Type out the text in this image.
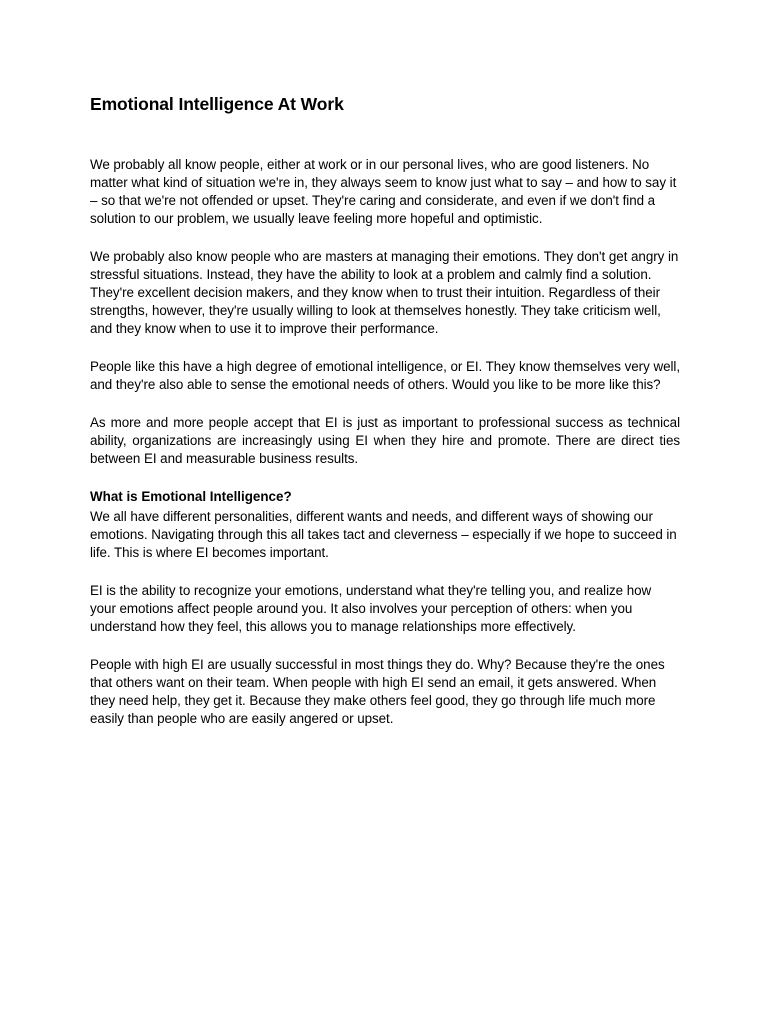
Emotional Intelligence At Work

We probably all know people, either at work or in our personal lives, who are good listeners. No matter what kind of situation we're in, they always seem to know just what to say – and how to say it – so that we're not offended or upset. They're caring and considerate, and even if we don't find a solution to our problem, we usually leave feeling more hopeful and optimistic.

We probably also know people who are masters at managing their emotions. They don't get angry in stressful situations. Instead, they have the ability to look at a problem and calmly find a solution. They're excellent decision makers, and they know when to trust their intuition. Regardless of their strengths, however, they're usually willing to look at themselves honestly. They take criticism well, and they know when to use it to improve their performance.

People like this have a high degree of emotional intelligence, or EI. They know themselves very well, and they're also able to sense the emotional needs of others. Would you like to be more like this?

As more and more people accept that EI is just as important to professional success as technical ability, organizations are increasingly using EI when they hire and promote. There are direct ties between EI and measurable business results.

What is Emotional Intelligence?

We all have different personalities, different wants and needs, and different ways of showing our emotions. Navigating through this all takes tact and cleverness – especially if we hope to succeed in life. This is where EI becomes important.

EI is the ability to recognize your emotions, understand what they're telling you, and realize how your emotions affect people around you. It also involves your perception of others: when you understand how they feel, this allows you to manage relationships more effectively.

People with high EI are usually successful in most things they do. Why? Because they're the ones that others want on their team. When people with high EI send an email, it gets answered. When they need help, they get it. Because they make others feel good, they go through life much more easily than people who are easily angered or upset.
